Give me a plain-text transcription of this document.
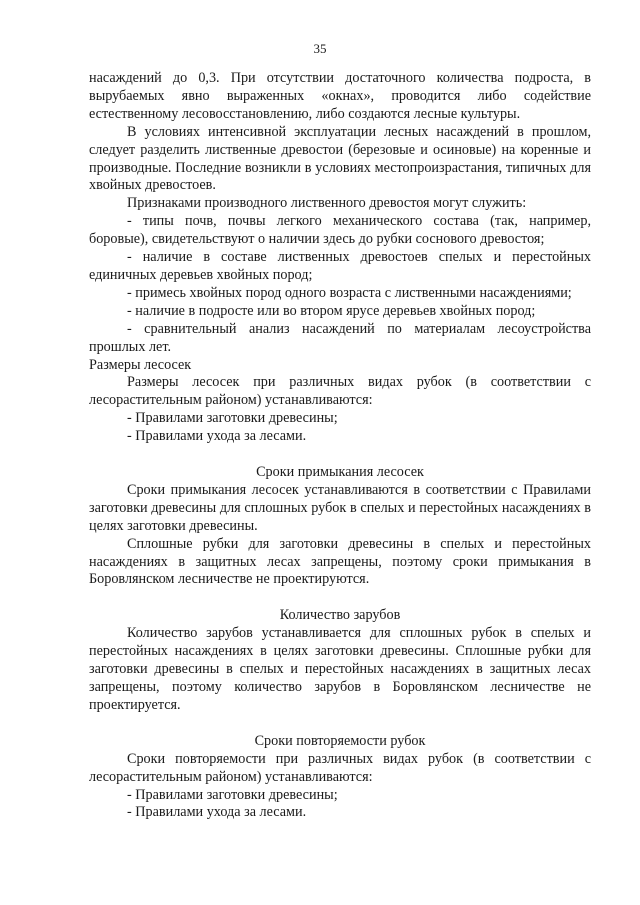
35

насаждений до 0,3. При отсутствии достаточного количества подроста, в вырубаемых явно выраженных «окнах», проводится либо содействие естественному лесовосстановлению, либо создаются лесные культуры.

В условиях интенсивной эксплуатации лесных насаждений в прошлом, следует разделить лиственные древостои (березовые и осиновые) на коренные и производные. Последние возникли в условиях местопроизрастания, типичных для хвойных древостоев.

Признаками производного лиственного древостоя могут служить:

- типы почв, почвы легкого механического состава (так, например, боровые), свидетельствуют о наличии здесь до рубки соснового древостоя;

- наличие в составе лиственных древостоев спелых и перестойных единичных деревьев хвойных пород;

- примесь хвойных пород одного возраста с лиственными насаждениями;

- наличие в подросте или во втором ярусе деревьев хвойных пород;

- сравнительный анализ насаждений по материалам лесоустройства прошлых лет.

Размеры лесосек

Размеры лесосек при различных видах рубок (в соответствии с лесорастительным районом) устанавливаются:

- Правилами заготовки древесины;

- Правилами ухода за лесами.

Сроки примыкания лесосек

Сроки примыкания лесосек устанавливаются в соответствии с Правилами заготовки древесины для сплошных рубок в спелых и перестойных насаждениях в целях заготовки древесины.

Сплошные рубки для заготовки древесины в спелых и перестойных насаждениях в защитных лесах запрещены, поэтому сроки примыкания в Боровлянском лесничестве не проектируются.

Количество зарубов

Количество зарубов устанавливается для сплошных рубок в спелых и перестойных насаждениях в целях заготовки древесины. Сплошные рубки для заготовки древесины в спелых и перестойных насаждениях в защитных лесах запрещены, поэтому количество зарубов в Боровлянском лесничестве не проектируется.

Сроки повторяемости рубок

Сроки повторяемости при различных видах рубок (в соответствии с лесорастительным районом) устанавливаются:

- Правилами заготовки древесины;

- Правилами ухода за лесами.
